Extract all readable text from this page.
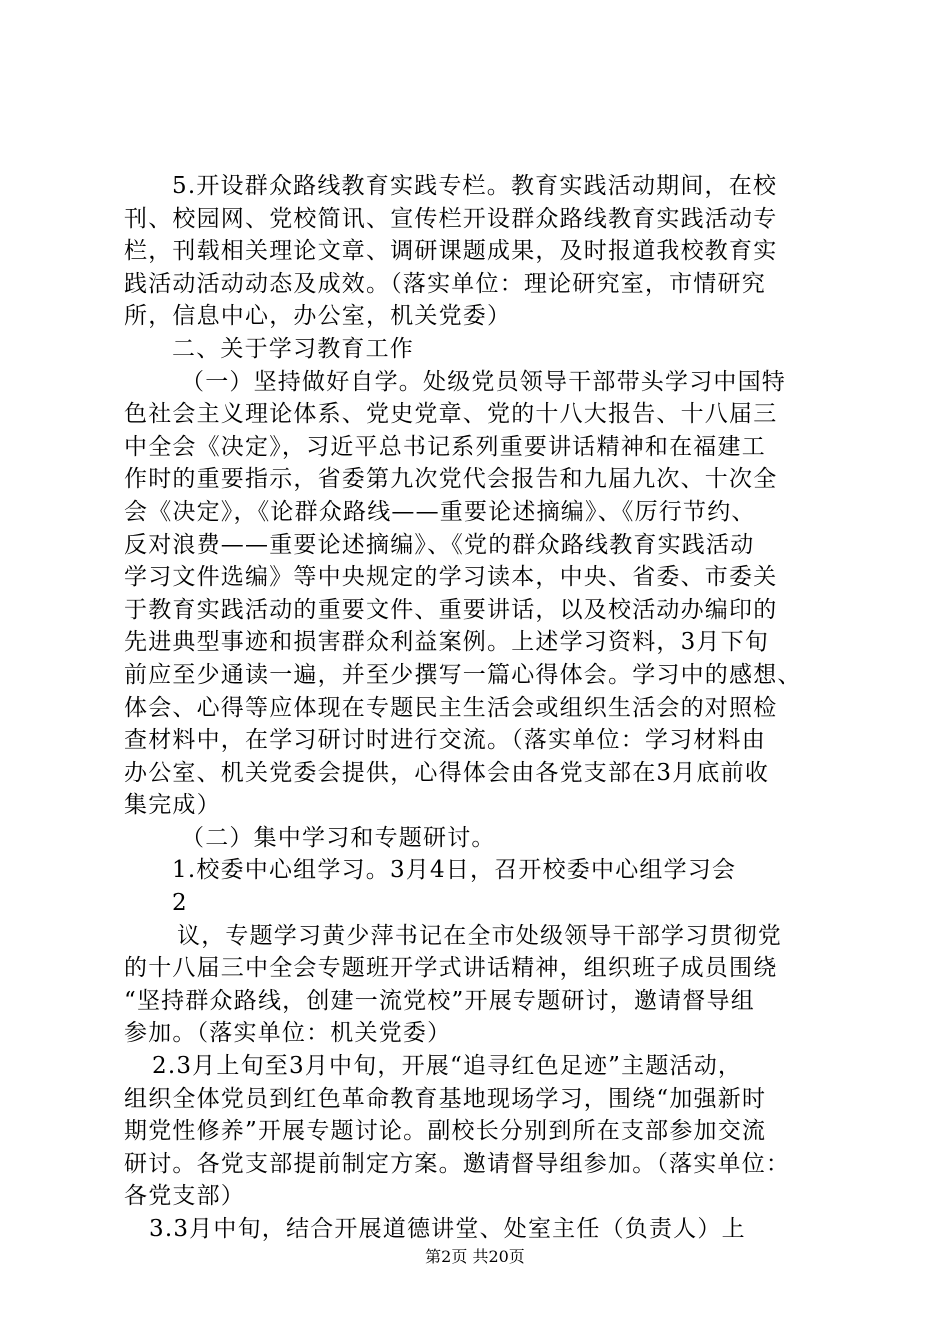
5.开设群众路线教育实践专栏。教育实践活动期间，在校
刊、校园网、党校简讯、宣传栏开设群众路线教育实践活动专
栏，刊载相关理论文章、调研课题成果，及时报道我校教育实
践活动活动动态及成效。（落实单位：理论研究室，市情研究
所，信息中心，办公室，机关党委）
二、关于学习教育工作
（一）坚持做好自学。处级党员领导干部带头学习中国特
色社会主义理论体系、党史党章、党的十八大报告、十八届三
中全会《决定》，习近平总书记系列重要讲话精神和在福建工
作时的重要指示，省委第九次党代会报告和九届九次、十次全
会《决定》，《论群众路线——重要论述摘编》、《厉行节约、
反对浪费——重要论述摘编》、《党的群众路线教育实践活动
学习文件选编》等中央规定的学习读本，中央、省委、市委关
于教育实践活动的重要文件、重要讲话，以及校活动办编印的
先进典型事迹和损害群众利益案例。上述学习资料，3月下旬
前应至少通读一遍，并至少撰写一篇心得体会。学习中的感想、
体会、心得等应体现在专题民主生活会或组织生活会的对照检
查材料中，在学习研讨时进行交流。（落实单位：学习材料由
办公室、机关党委会提供，心得体会由各党支部在3月底前收
集完成）
（二）集中学习和专题研讨。
1.校委中心组学习。3月4日，召开校委中心组学习会
2
议，专题学习黄少萍书记在全市处级领导干部学习贯彻党
的十八届三中全会专题班开学式讲话精神，组织班子成员围绕
“坚持群众路线，创建一流党校”开展专题研讨，邀请督导组
参加。（落实单位：机关党委）
2.3月上旬至3月中旬，开展“追寻红色足迹”主题活动，
组织全体党员到红色革命教育基地现场学习，围绕“加强新时
期党性修养”开展专题讨论。副校长分别到所在支部参加交流
研讨。各党支部提前制定方案。邀请督导组参加。（落实单位：
各党支部）
3.3月中旬，结合开展道德讲堂、处室主任（负责人）上
第2页 共20页
